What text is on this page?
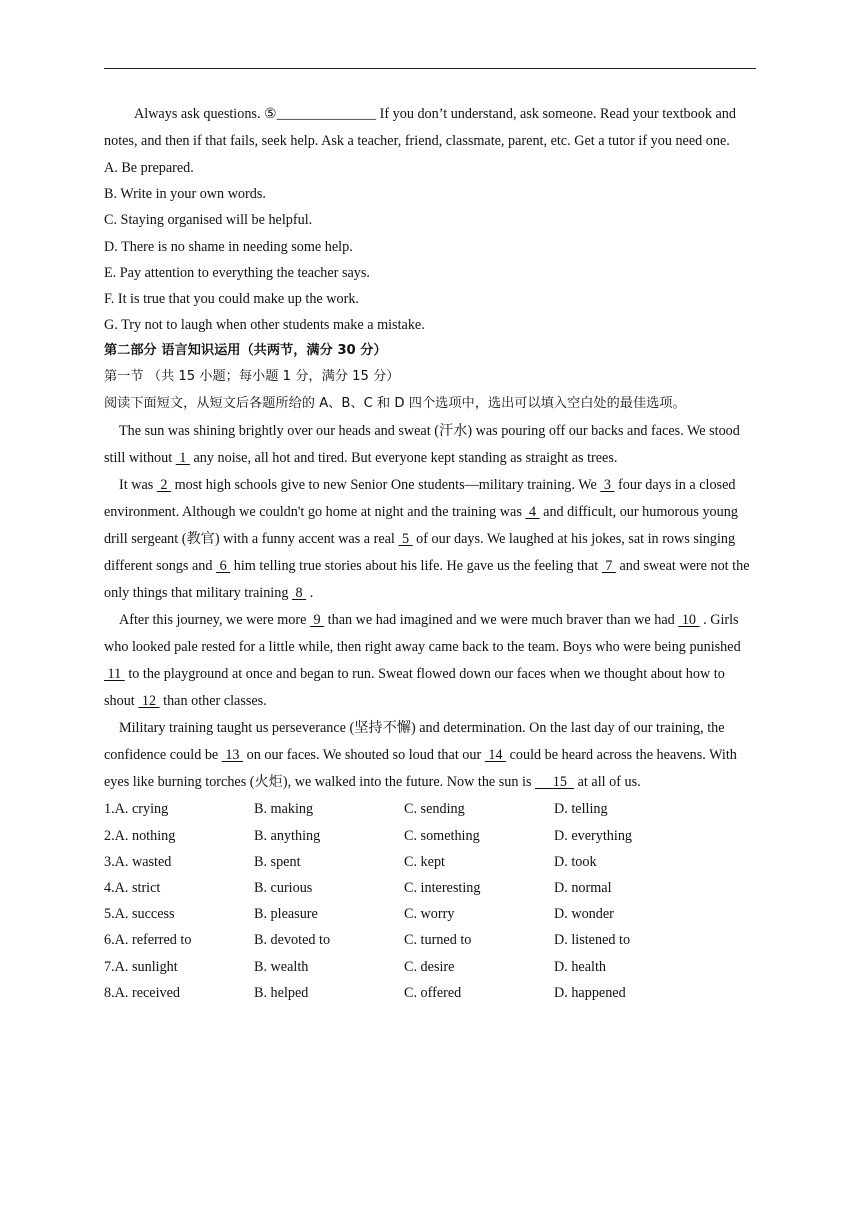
Always ask questions. ⑤______________ If you don’t understand, ask someone. Read your textbook and notes, and then if that fails, seek help. Ask a teacher, friend, classmate, parent, etc. Get a tutor if you need one.

A. Be prepared.

B. Write in your own words.

C. Staying organised will be helpful.

D. There is no shame in needing some help.

E. Pay attention to everything the teacher says.

F. It is true that you could make up the work.

G. Try not to laugh when other students make a mistake.

第二部分 语言知识运用（共两节，满分 30 分）

第一节 （共 15 小题；每小题 1 分，满分 15 分）

阅读下面短文，从短文后各题所给的 A、B、C 和 D 四个选项中，选出可以填入空白处的最佳选项。

The sun was shining brightly over our heads and sweat (汗水) was pouring off our backs and faces. We stood still without  1  any noise, all hot and tired. But everyone kept standing as straight as trees.

It was  2  most high schools give to new Senior One students—military training. We  3  four days in a closed environment. Although we couldn't go home at night and the training was  4  and difficult, our humorous young drill sergeant (教官) with a funny accent was a real  5  of our days. We laughed at his jokes, sat in rows singing different songs and  6  him telling true stories about his life. He gave us the feeling that  7  and sweat were not the only things that military training  8  .

After this journey, we were more  9  than we had imagined and we were much braver than we had  10  . Girls who looked pale rested for a little while, then right away came back to the team. Boys who were being punished  11  to the playground at once and began to run. Sweat flowed down our faces when we thought about how to shout  12  than other classes.

Military training taught us perseverance (坚持不懈) and determination. On the last day of our training, the confidence could be  13  on our faces. We shouted so loud that our  14  could be heard across the heavens. With eyes like burning torches (火炬), we walked into the future. Now the sun is      15   at all of us.

1.A. crying	B. making	C. sending	D. telling
2.A. nothing	B. anything	C. something	D. everything
3.A. wasted	B. spent	C. kept	D. took
4.A. strict	B. curious	C. interesting	D. normal
5.A. success	B. pleasure	C. worry	D. wonder
6.A. referred to	B. devoted to	C. turned to	D. listened to
7.A. sunlight	B. wealth	C. desire	D. health
8.A. received	B. helped	C. offered	D. happened
